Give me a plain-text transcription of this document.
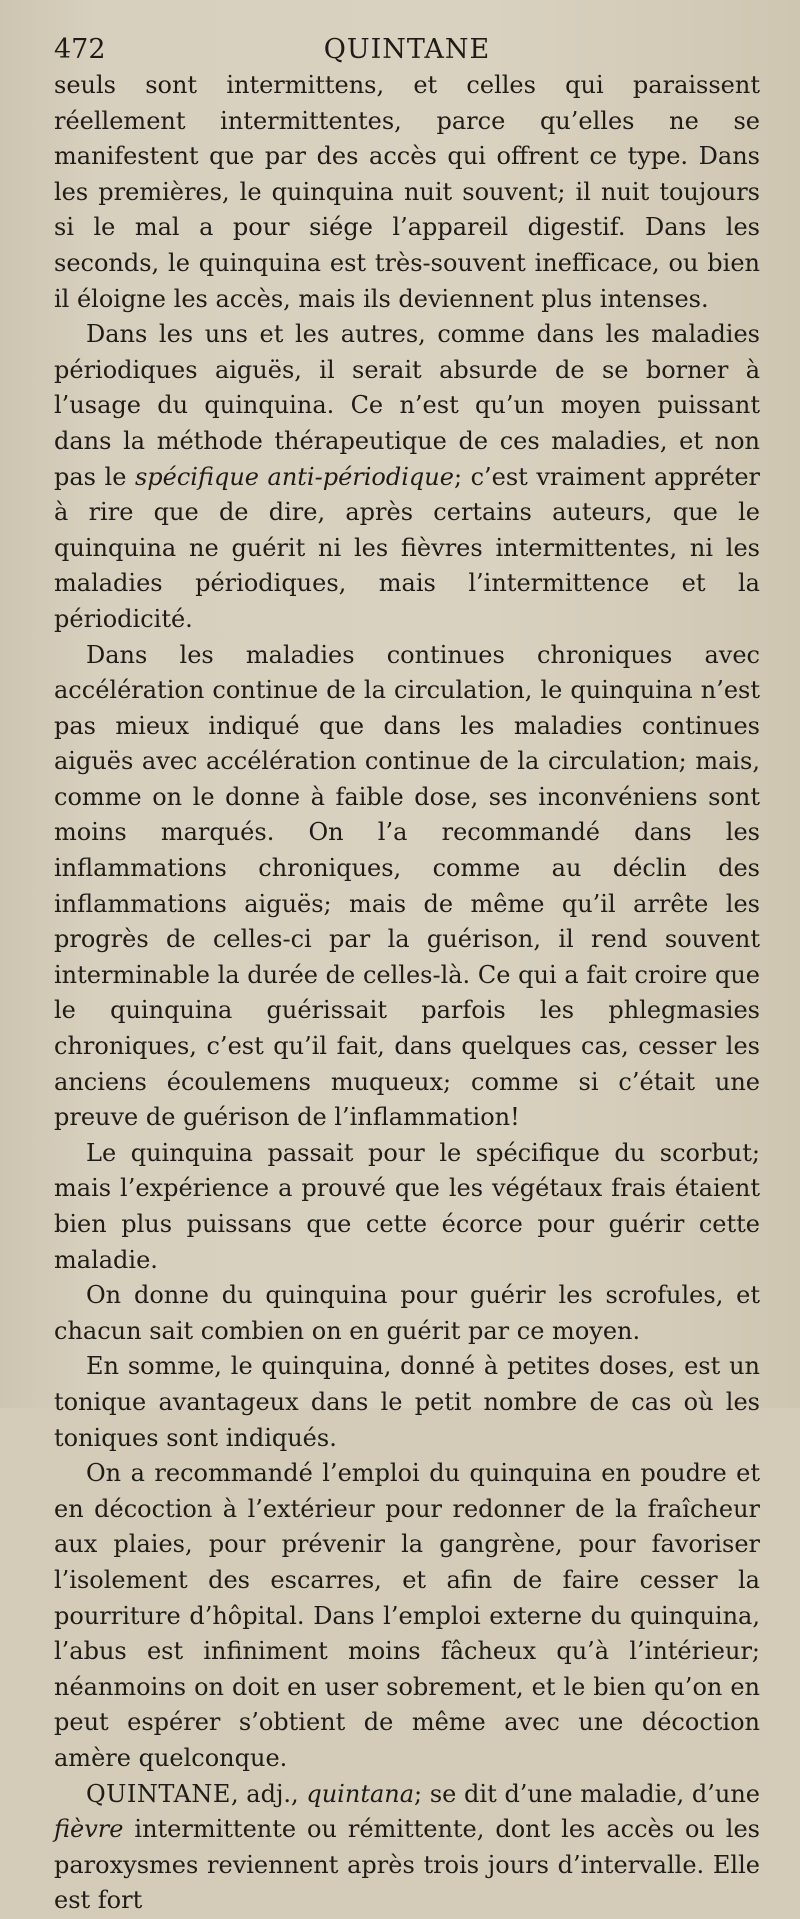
472	QUINTANE

seuls sont intermittens, et celles qui paraissent réellement intermittentes, parce qu’elles ne se manifestent que par des accès qui offrent ce type. Dans les premières, le quinquina nuit souvent; il nuit toujours si le mal a pour siége l’appareil digestif. Dans les seconds, le quinquina est très-souvent inefficace, ou bien il éloigne les accès, mais ils deviennent plus intenses.

Dans les uns et les autres, comme dans les maladies périodiques aiguës, il serait absurde de se borner à l’usage du quinquina. Ce n’est qu’un moyen puissant dans la méthode thérapeutique de ces maladies, et non pas le spécifique anti-périodique; c’est vraiment appréter à rire que de dire, après certains auteurs, que le quinquina ne guérit ni les fièvres intermittentes, ni les maladies périodiques, mais l’intermittence et la périodicité.

Dans les maladies continues chroniques avec accélération continue de la circulation, le quinquina n’est pas mieux indiqué que dans les maladies continues aiguës avec accélération continue de la circulation; mais, comme on le donne à faible dose, ses inconvéniens sont moins marqués. On l’a recommandé dans les inflammations chroniques, comme au déclin des inflammations aiguës; mais de même qu’il arrête les progrès de celles-ci par la guérison, il rend souvent interminable la durée de celles-là. Ce qui a fait croire que le quinquina guérissait parfois les phlegmasies chroniques, c’est qu’il fait, dans quelques cas, cesser les anciens écoulemens muqueux; comme si c’était une preuve de guérison de l’inflammation!

Le quinquina passait pour le spécifique du scorbut; mais l’expérience a prouvé que les végétaux frais étaient bien plus puissans que cette écorce pour guérir cette maladie.

On donne du quinquina pour guérir les scrofules, et chacun sait combien on en guérit par ce moyen.

En somme, le quinquina, donné à petites doses, est un tonique avantageux dans le petit nombre de cas où les toniques sont indiqués.

On a recommandé l’emploi du quinquina en poudre et en décoction à l’extérieur pour redonner de la fraîcheur aux plaies, pour prévenir la gangrène, pour favoriser l’isolement des escarres, et afin de faire cesser la pourriture d’hôpital. Dans l’emploi externe du quinquina, l’abus est infiniment moins fâcheux qu’à l’intérieur; néanmoins on doit en user sobrement, et le bien qu’on en peut espérer s’obtient de même avec une décoction amère quelconque.

QUINTANE, adj., quintana; se dit d’une maladie, d’une fièvre intermittente ou rémittente, dont les accès ou les paroxysmes reviennent après trois jours d’intervalle. Elle est fort
